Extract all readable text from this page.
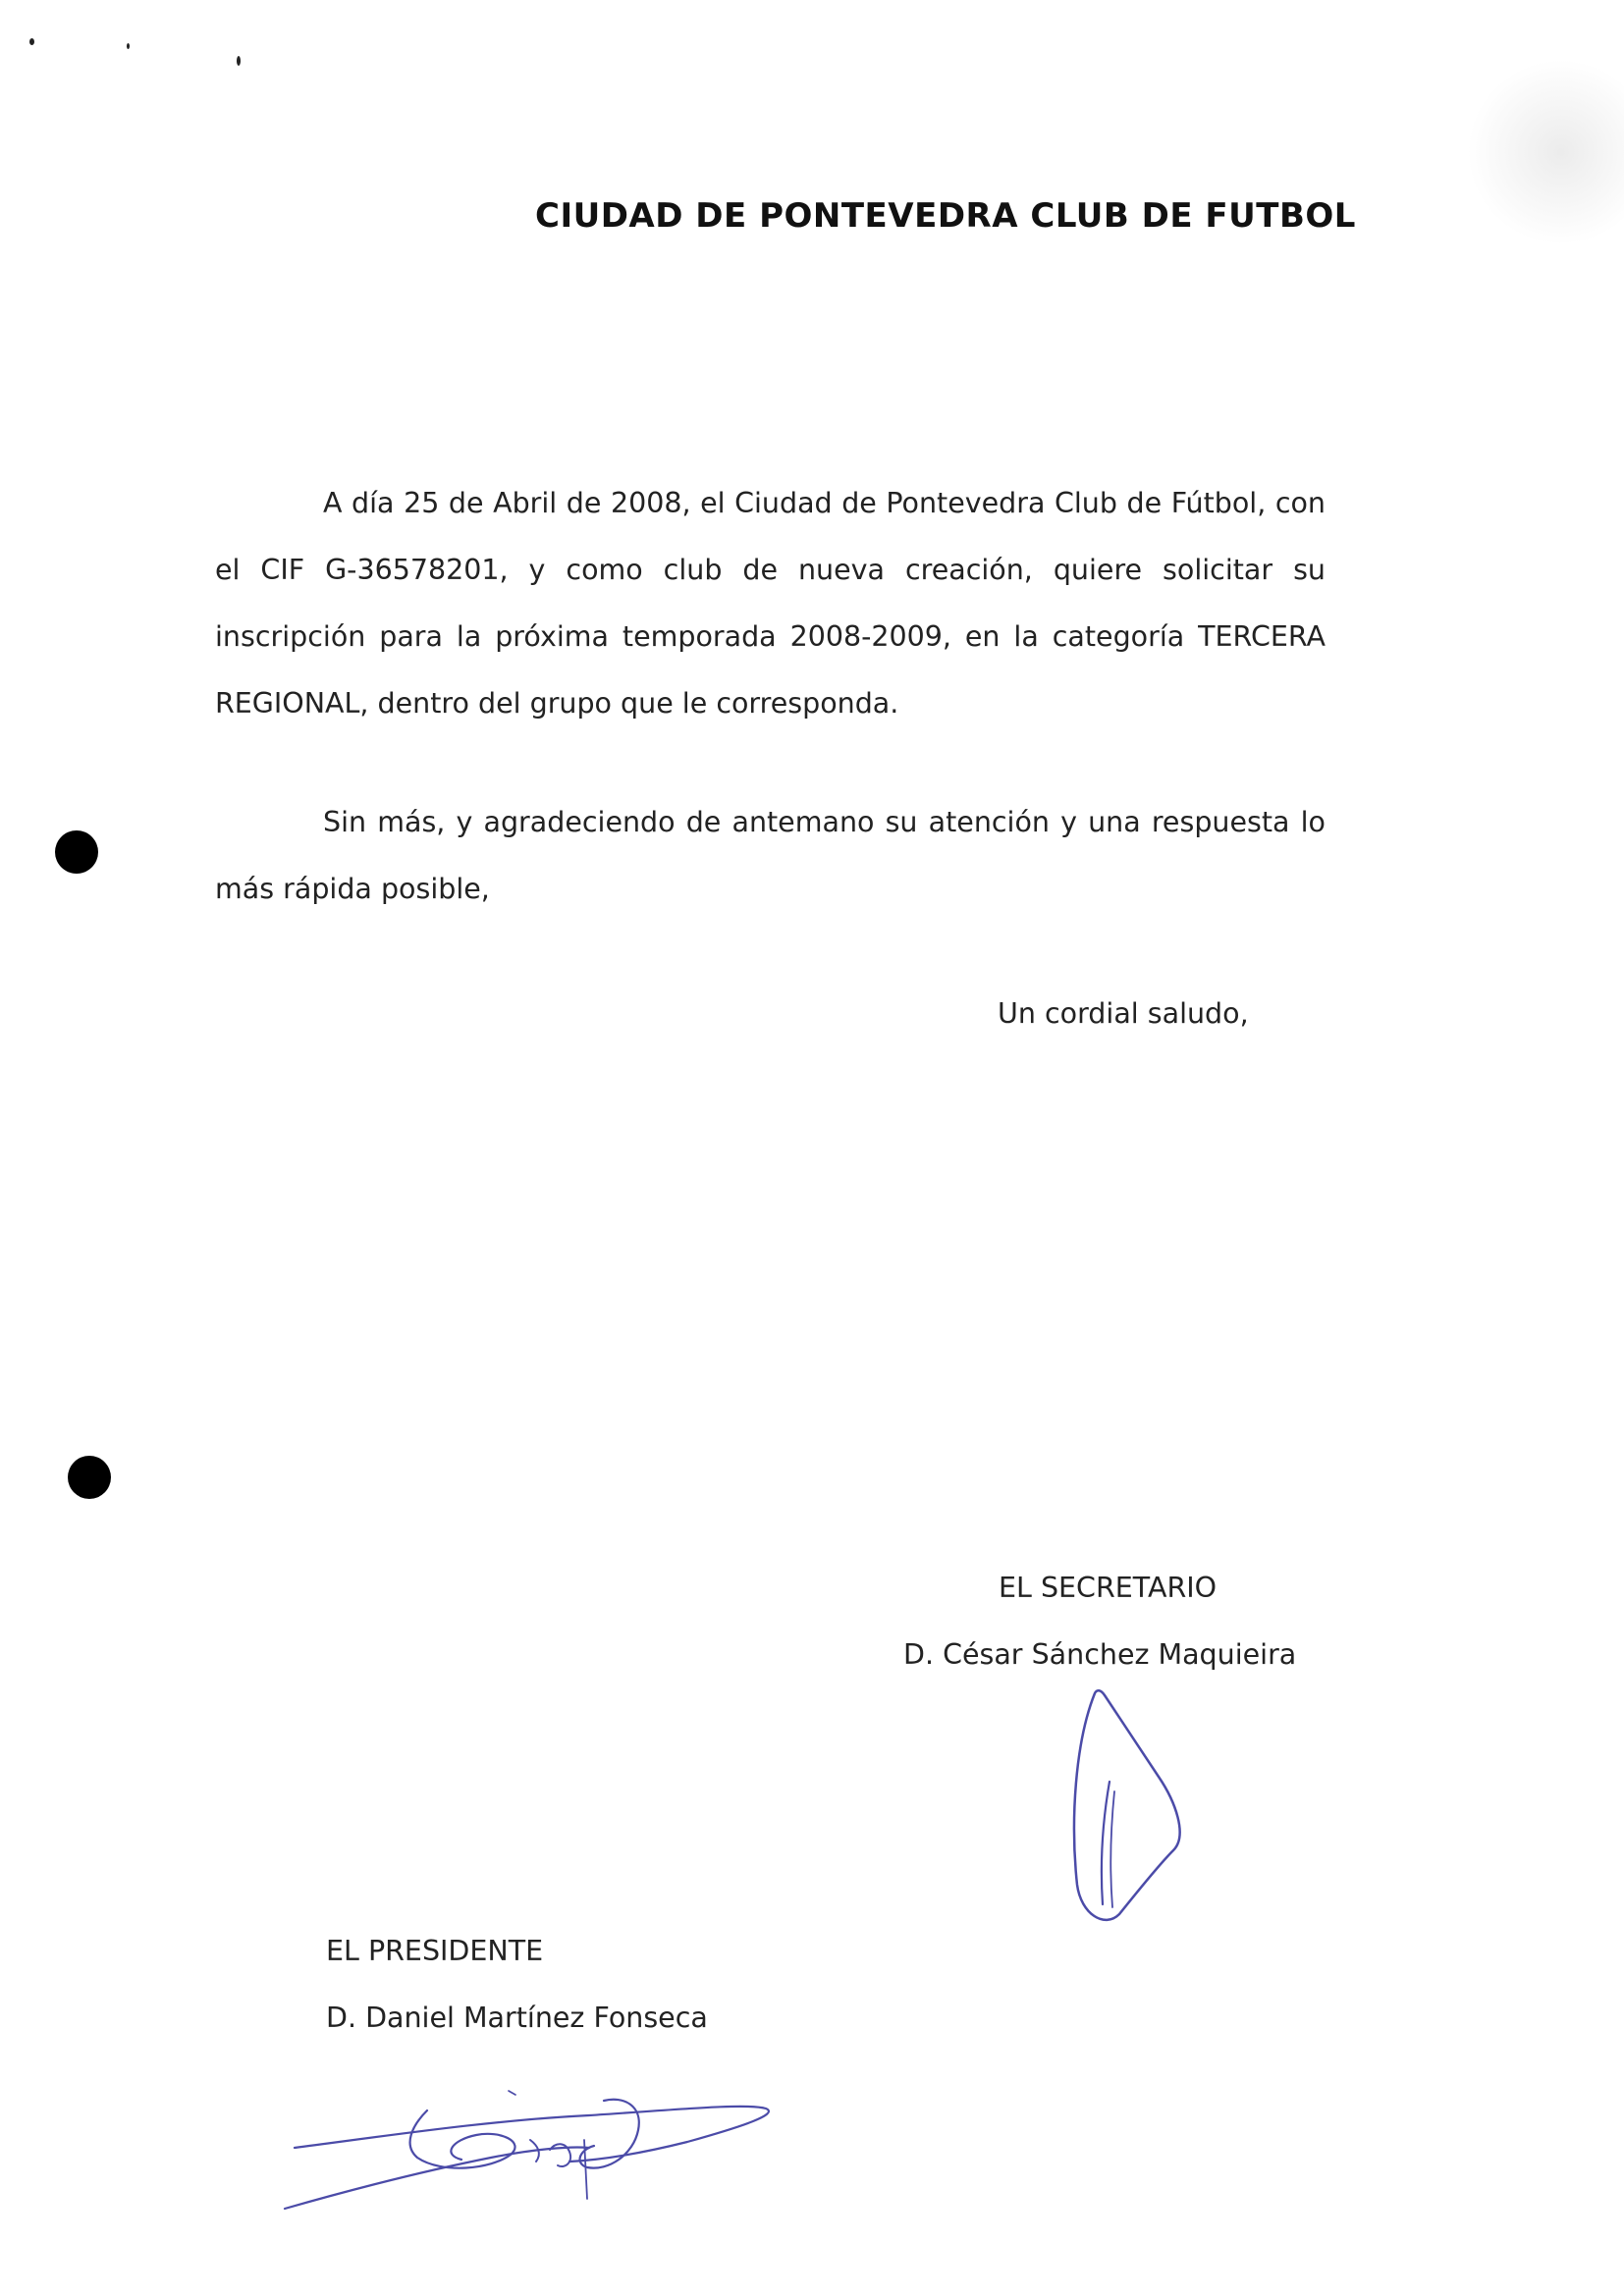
CIUDAD DE PONTEVEDRA CLUB DE FUTBOL

A día 25 de Abril de 2008, el Ciudad de Pontevedra Club de Fútbol, con el CIF G-36578201, y como club de nueva creación, quiere solicitar su inscripción para la próxima temporada 2008-2009, en la categoría TERCERA REGIONAL, dentro del grupo que le corresponda.

Sin más, y agradeciendo de antemano su atención y una respuesta lo más rápida posible,

Un cordial saludo,
EL SECRETARIO
D. César Sánchez Maquieira
EL PRESIDENTE
D. Daniel Martínez Fonseca
